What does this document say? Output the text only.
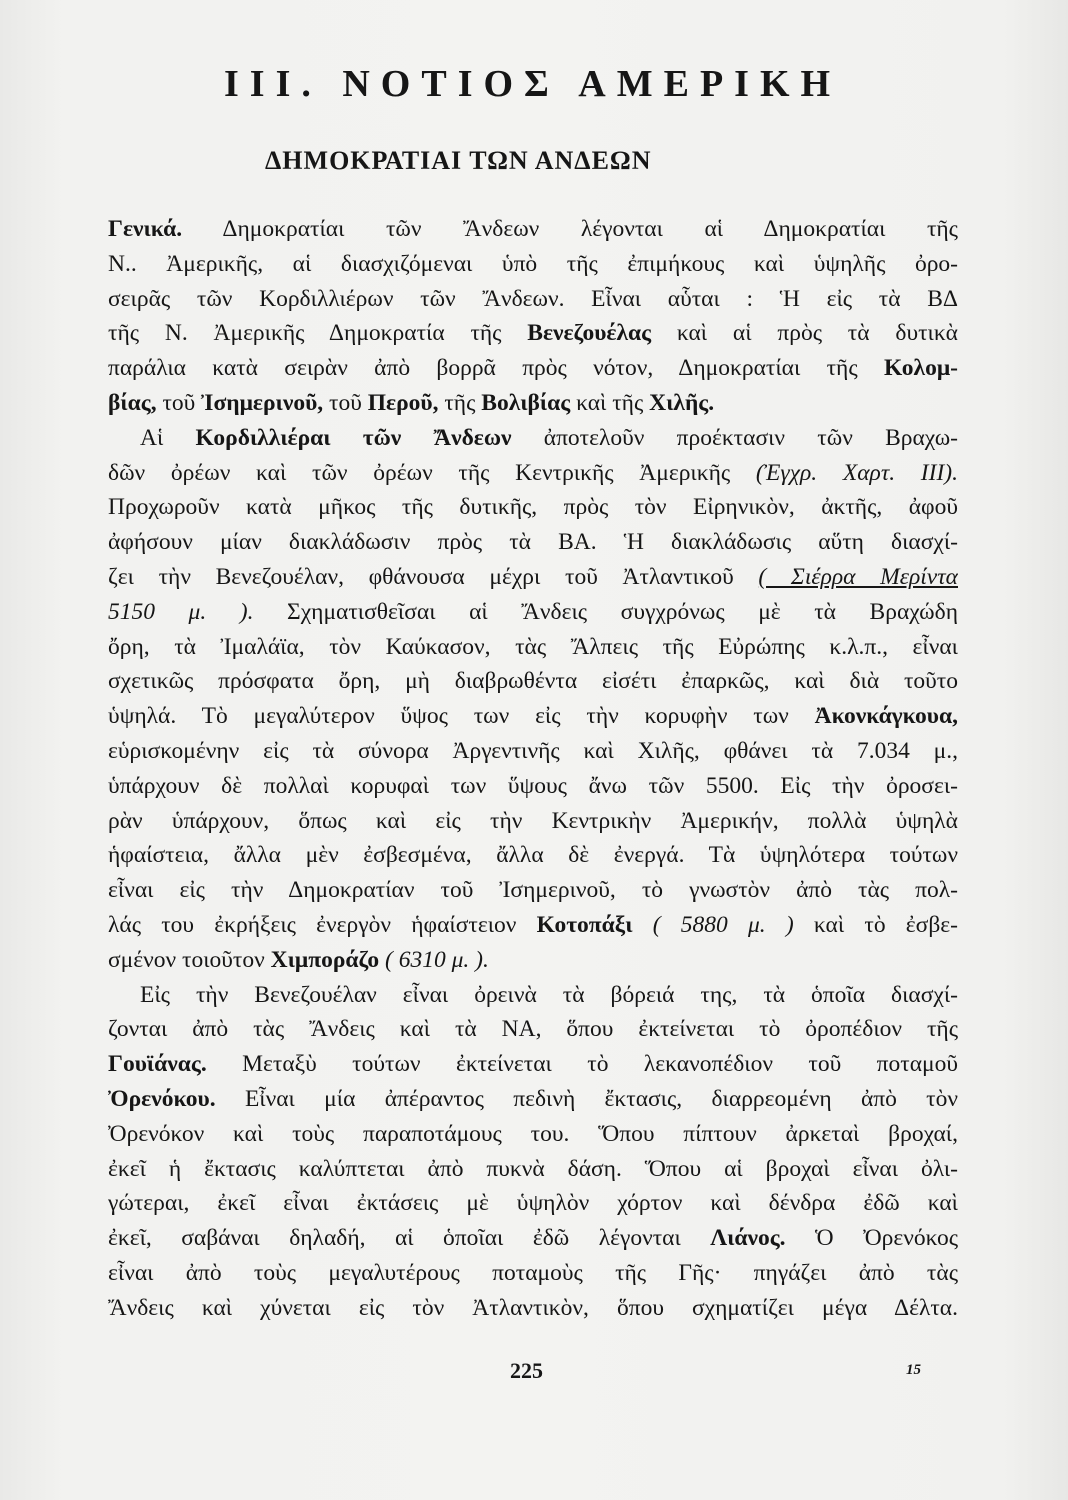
III. ΝΟΤΙΟΣ ΑΜΕΡΙΚΗ
ΔΗΜΟΚΡΑΤΙΑΙ ΤΩΝ ΑΝΔΕΩΝ
Γενικά. Δημοκρατίαι τῶν Ἄνδεων λέγονται αἱ Δημοκρατίαι τῆς
Ν.. Ἀμερικῆς, αἱ διασχιζόμεναι ὑπὸ τῆς ἐπιμήκους καὶ ὑψηλῆς ὀρο-
σειρᾶς τῶν Κορδιλλιέρων τῶν Ἄνδεων. Εἶναι αὗται : Ἡ εἰς τὰ ΒΔ
τῆς Ν. Ἀμερικῆς Δημοκρατία τῆς Βενεζουέλας καὶ αἱ πρὸς τὰ δυτικὰ
παράλια κατὰ σειρὰν ἀπὸ βορρᾶ πρὸς νότον, Δημοκρατίαι τῆς Κολομ-
βίας, τοῦ Ἰσημερινοῦ, τοῦ Περοῦ, τῆς Βολιβίας καὶ τῆς Χιλῆς.
Αἱ Κορδιλλιέραι τῶν Ἄνδεων ἀποτελοῦν προέκτασιν τῶν Βραχω-
δῶν ὀρέων καὶ τῶν ὀρέων τῆς Κεντρικῆς Ἀμερικῆς (Ἐγχρ. Χαρτ. III).
Προχωροῦν κατὰ μῆκος τῆς δυτικῆς, πρὸς τὸν Εἰρηνικὸν, ἀκτῆς, ἀφοῦ
ἀφήσουν μίαν διακλάδωσιν πρὸς τὰ ΒΑ. Ἡ διακλάδωσις αὕτη διασχί-
ζει τὴν Βενεζουέλαν, φθάνουσα μέχρι τοῦ Ἀτλαντικοῦ ( Σιέρρα Μερίντα
5150 μ. ). Σχηματισθεῖσαι αἱ Ἄνδεις συγχρόνως μὲ τὰ Βραχώδη
ὄρη, τὰ Ἰμαλάϊα, τὸν Καύκασον, τὰς Ἄλπεις τῆς Εὐρώπης κ.λ.π., εἶναι
σχετικῶς πρόσφατα ὄρη, μὴ διαβρωθέντα εἰσέτι ἐπαρκῶς, καὶ διὰ τοῦτο
ὑψηλά. Τὸ μεγαλύτερον ὕψος των εἰς τὴν κορυφὴν των Ἀκονκάγκουα,
εὑρισκομένην εἰς τὰ σύνορα Ἀργεντινῆς καὶ Χιλῆς, φθάνει τὰ 7.034 μ.,
ὑπάρχουν δὲ πολλαὶ κορυφαὶ των ὕψους ἄνω τῶν 5500. Εἰς τὴν ὀροσει-
ρὰν ὑπάρχουν, ὅπως καὶ εἰς τὴν Κεντρικὴν Ἀμερικήν, πολλὰ ὑψηλὰ
ἡφαίστεια, ἄλλα μὲν ἐσβεσμένα, ἄλλα δὲ ἐνεργά. Τὰ ὑψηλότερα τούτων
εἶναι εἰς τὴν Δημοκρατίαν τοῦ Ἰσημερινοῦ, τὸ γνωστὸν ἀπὸ τὰς πολ-
λάς του ἐκρήξεις ἐνεργὸν ἡφαίστειον Κοτοπάξι ( 5880 μ. ) καὶ τὸ ἐσβε-
σμένον τοιοῦτον Χιμποράζο ( 6310 μ. ).
Εἰς τὴν Βενεζουέλαν εἶναι ὀρεινὰ τὰ βόρειά της, τὰ ὁποῖα διασχί-
ζονται ἀπὸ τὰς Ἄνδεις καὶ τὰ ΝΑ, ὅπου ἐκτείνεται τὸ ὀροπέδιον τῆς
Γουϊάνας. Μεταξὺ τούτων ἐκτείνεται τὸ λεκανοπέδιον τοῦ ποταμοῦ
Ὀρενόκου. Εἶναι μία ἀπέραντος πεδινὴ ἔκτασις, διαρρεομένη ἀπὸ τὸν
Ὀρενόκον καὶ τοὺς παραποτάμους του. Ὅπου πίπτουν ἀρκεταὶ βροχαί,
ἐκεῖ ἡ ἔκτασις καλύπτεται ἀπὸ πυκνὰ δάση. Ὅπου αἱ βροχαὶ εἶναι ὀλι-
γώτεραι, ἐκεῖ εἶναι ἐκτάσεις μὲ ὑψηλὸν χόρτον καὶ δένδρα ἐδῶ καὶ
ἐκεῖ, σαβάναι δηλαδή, αἱ ὁποῖαι ἐδῶ λέγονται Λιάνος. Ὁ Ὀρενόκος
εἶναι ἀπὸ τοὺς μεγαλυτέρους ποταμοὺς τῆς Γῆς· πηγάζει ἀπὸ τὰς
Ἄνδεις καὶ χύνεται εἰς τὸν Ἀτλαντικὸν, ὅπου σχηματίζει μέγα Δέλτα.

225	15
